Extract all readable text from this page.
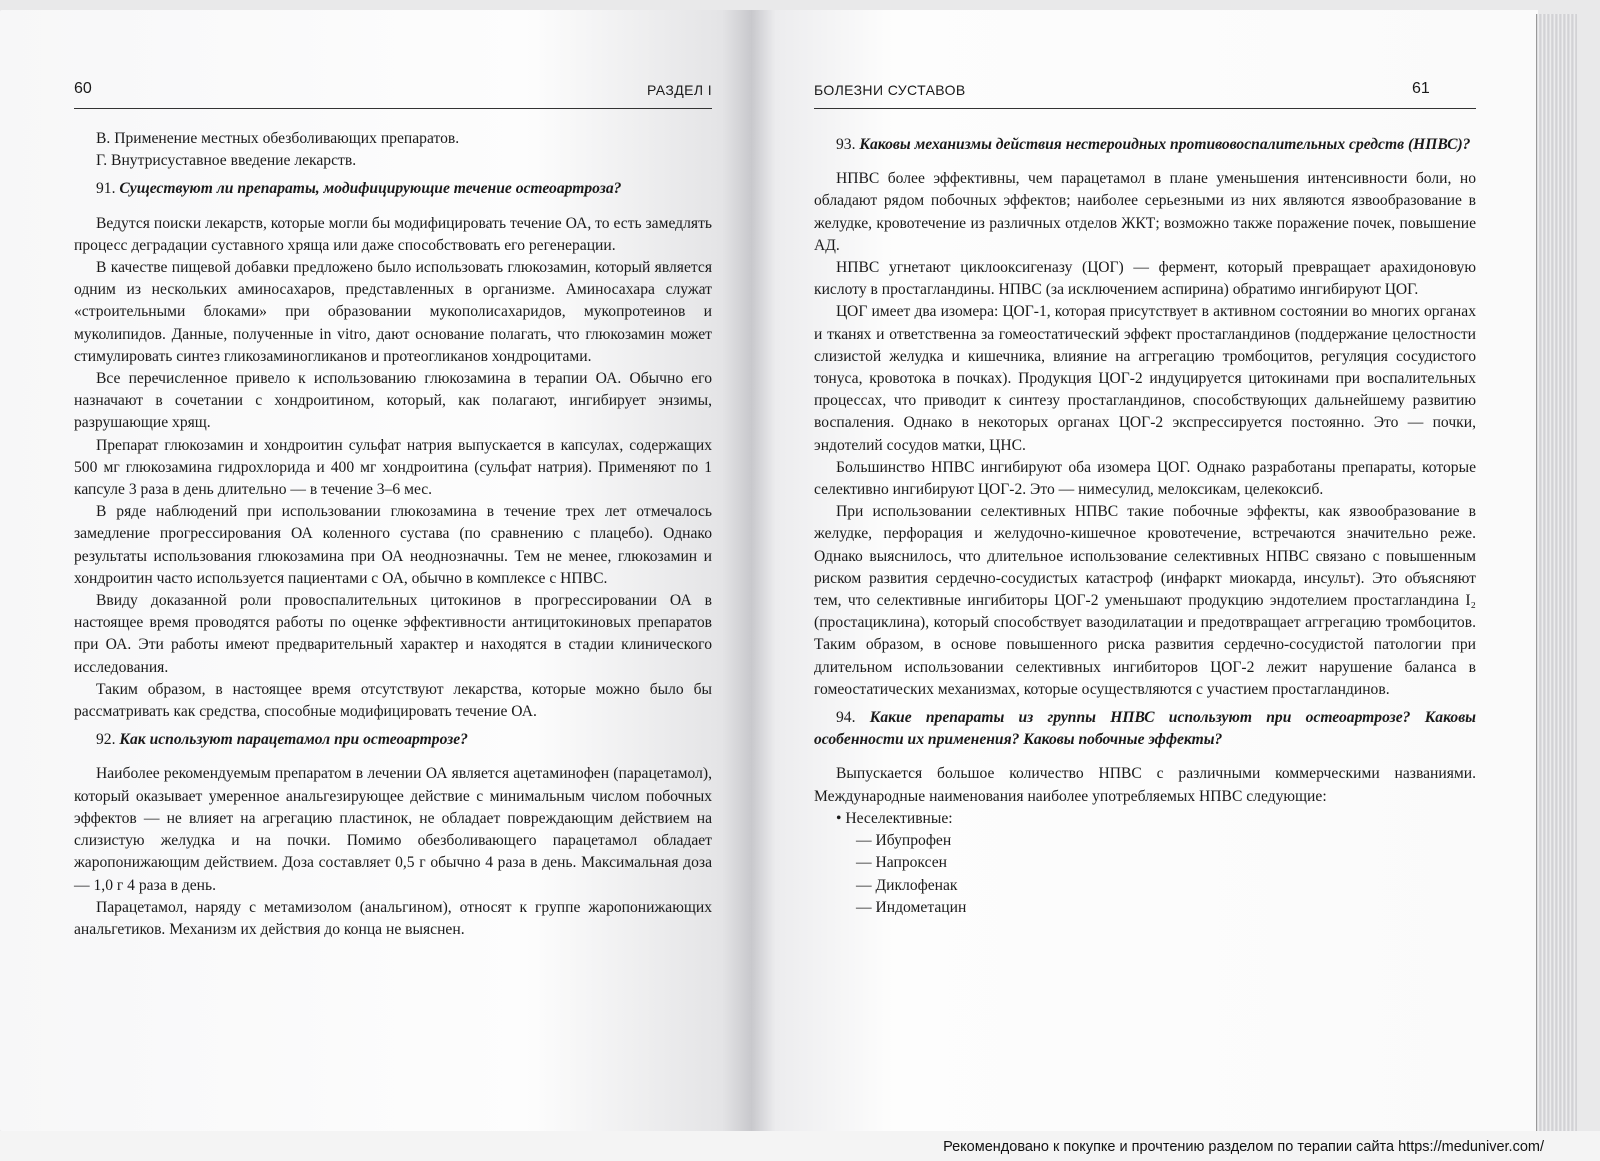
60	РАЗДЕЛ I

В. Применение местных обезболивающих препаратов.

Г. Внутрисуставное введение лекарств.

91. Существуют ли препараты, модифицирующие течение остеоартроза?

Ведутся поиски лекарств, которые могли бы модифицировать течение ОА, то есть замедлять процесс деградации суставного хряща или даже способствовать его регенерации.

В качестве пищевой добавки предложено было использовать глюкозамин, который является одним из нескольких аминосахаров, представленных в организме. Аминосахара служат «строительными блоками» при образовании мукополисахаридов, мукопротеинов и муколипидов. Данные, полученные in vitro, дают основание полагать, что глюкозамин может стимулировать синтез гликозаминогликанов и протеогликанов хондроцитами.

Все перечисленное привело к использованию глюкозамина в терапии ОА. Обычно его назначают в сочетании с хондроитином, который, как полагают, ингибирует энзимы, разрушающие хрящ.

Препарат глюкозамин и хондроитин сульфат натрия выпускается в капсулах, содержащих 500 мг глюкозамина гидрохлорида и 400 мг хондроитина (сульфат натрия). Применяют по 1 капсуле 3 раза в день длительно — в течение 3–6 мес.

В ряде наблюдений при использовании глюкозамина в течение трех лет отмечалось замедление прогрессирования ОА коленного сустава (по сравнению с плацебо). Однако результаты использования глюкозамина при ОА неоднозначны. Тем не менее, глюкозамин и хондроитин часто используется пациентами с ОА, обычно в комплексе с НПВС.

Ввиду доказанной роли провоспалительных цитокинов в прогрессировании ОА в настоящее время проводятся работы по оценке эффективности антицитокиновых препаратов при ОА. Эти работы имеют предварительный характер и находятся в стадии клинического исследования.

Таким образом, в настоящее время отсутствуют лекарства, которые можно было бы рассматривать как средства, способные модифицировать течение ОА.

92. Как используют парацетамол при остеоартрозе?

Наиболее рекомендуемым препаратом в лечении ОА является ацетаминофен (парацетамол), который оказывает умеренное анальгезирующее действие с минимальным числом побочных эффектов — не влияет на агрегацию пластинок, не обладает повреждающим действием на слизистую желудка и на почки. Помимо обезболивающего парацетамол обладает жаропонижающим действием. Доза составляет 0,5 г обычно 4 раза в день. Максимальная доза — 1,0 г 4 раза в день.

Парацетамол, наряду с метамизолом (анальгином), относят к группе жаропонижающих анальгетиков. Механизм их действия до конца не выяснен.

БОЛЕЗНИ СУСТАВОВ	61

93. Каковы механизмы действия нестероидных противовоспалительных средств (НПВС)?

НПВС более эффективны, чем парацетамол в плане уменьшения интенсивности боли, но обладают рядом побочных эффектов; наиболее серьезными из них являются язвообразование в желудке, кровотечение из различных отделов ЖКТ; возможно также поражение почек, повышение АД.

НПВС угнетают циклооксигеназу (ЦОГ) — фермент, который превращает арахидоновую кислоту в простагландины. НПВС (за исключением аспирина) обратимо ингибируют ЦОГ.

ЦОГ имеет два изомера: ЦОГ-1, которая присутствует в активном состоянии во многих органах и тканях и ответственна за гомеостатический эффект простагландинов (поддержание целостности слизистой желудка и кишечника, влияние на аггрегацию тромбоцитов, регуляция сосудистого тонуса, кровотока в почках). Продукция ЦОГ-2 индуцируется цитокинами при воспалительных процессах, что приводит к синтезу простагландинов, способствующих дальнейшему развитию воспаления. Однако в некоторых органах ЦОГ-2 экспрессируется постоянно. Это — почки, эндотелий сосудов матки, ЦНС.

Большинство НПВС ингибируют оба изомера ЦОГ. Однако разработаны препараты, которые селективно ингибируют ЦОГ-2. Это — нимесулид, мелоксикам, целекоксиб.

При использовании селективных НПВС такие побочные эффекты, как язвообразование в желудке, перфорация и желудочно-кишечное кровотечение, встречаются значительно реже. Однако выяснилось, что длительное использование селективных НПВС связано с повышенным риском развития сердечно-сосудистых катастроф (инфаркт миокарда, инсульт). Это объясняют тем, что селективные ингибиторы ЦОГ-2 уменьшают продукцию эндотелием простагландина I₂ (простациклина), который способствует вазодилатации и предотвращает аггрегацию тромбоцитов. Таким образом, в основе повышенного риска развития сердечно-сосудистой патологии при длительном использовании селективных ингибиторов ЦОГ-2 лежит нарушение баланса в гомеостатических механизмах, которые осуществляются с участием простагландинов.

94. Какие препараты из группы НПВС используют при остеоартрозе? Каковы особенности их применения? Каковы побочные эффекты?

Выпускается большое количество НПВС с различными коммерческими названиями. Международные наименования наиболее употребляемых НПВС следующие:

• Неселективные:
— Ибупрофен
— Напроксен
— Диклофенак
— Индометацин
Рекомендовано к покупке и прочтению разделом по терапии сайта https://meduniver.com/
